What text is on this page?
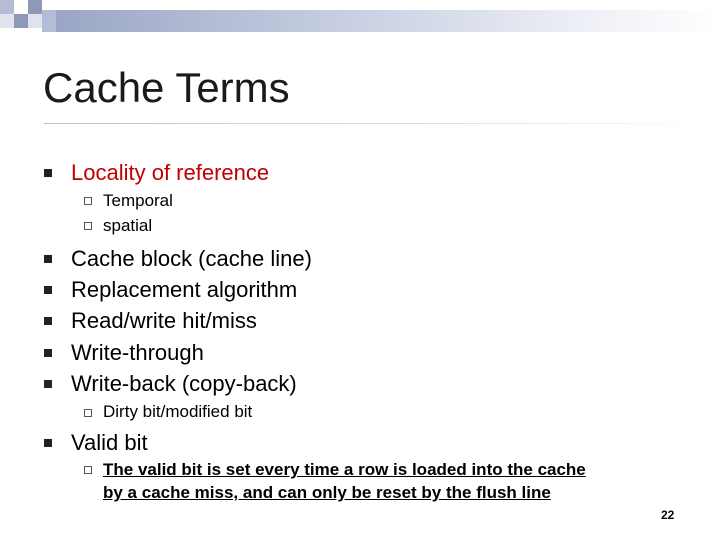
Cache Terms
Locality of reference
Temporal
spatial
Cache block (cache line)
Replacement algorithm
Read/write hit/miss
Write-through
Write-back (copy-back)
Dirty bit/modified bit
Valid bit
The valid bit is set every time a row is loaded into the cache
by a cache miss, and can only be reset by the flush line
22
